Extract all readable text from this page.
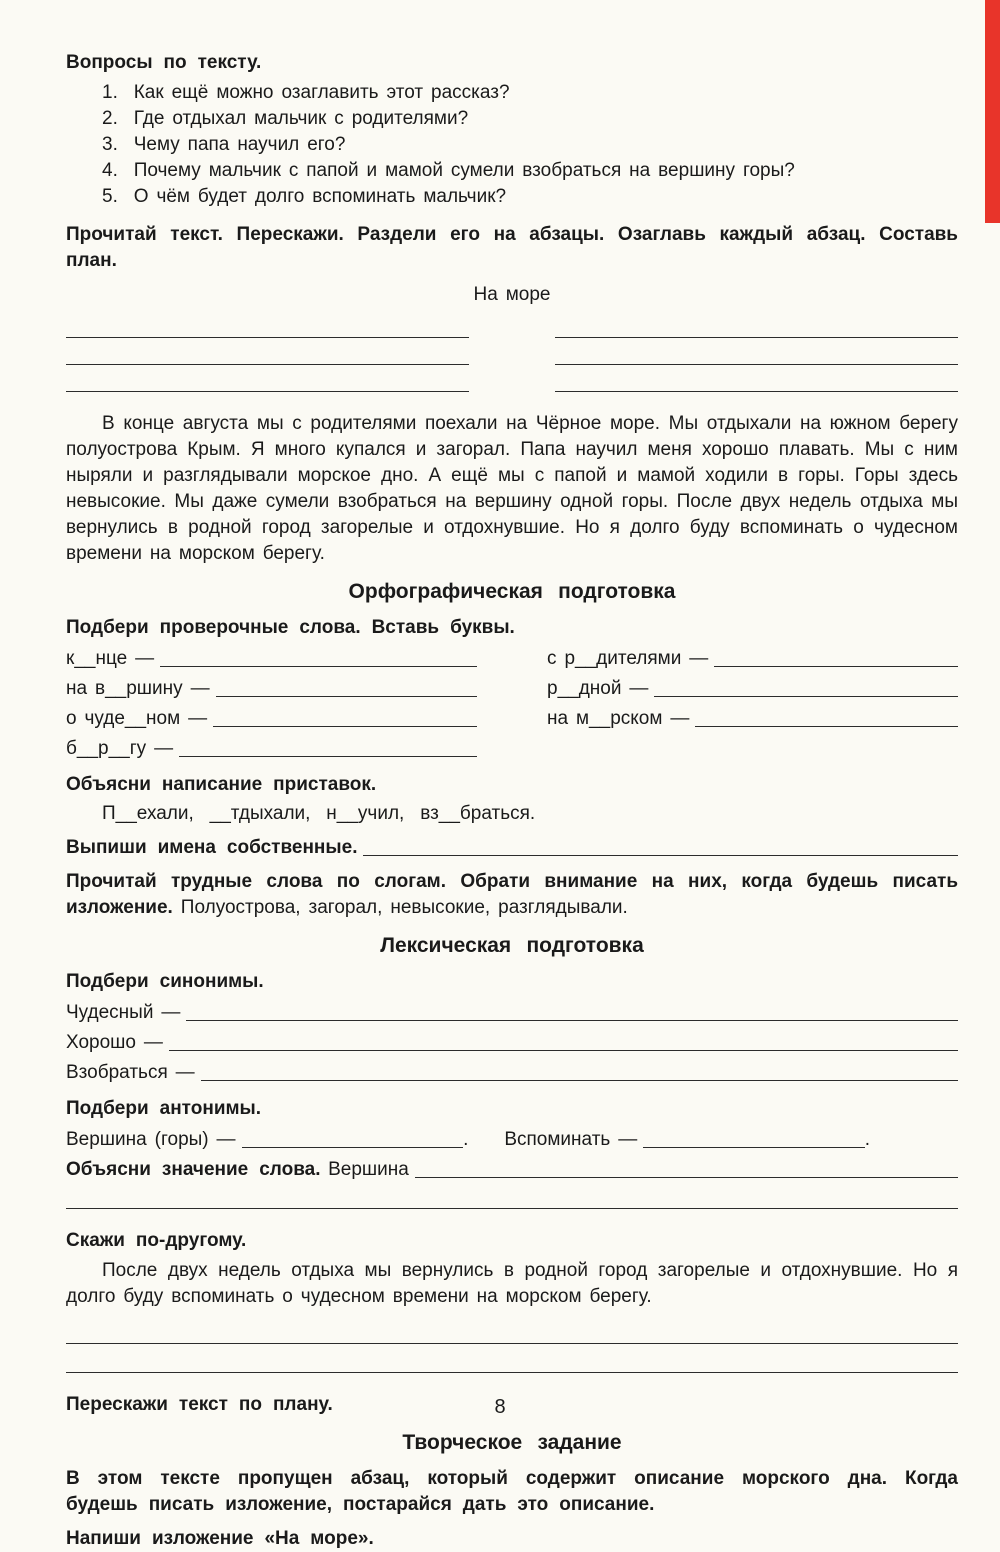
Вопросы по тексту.
1.  Как ещё можно озаглавить этот рассказ?
2.  Где отдыхал мальчик с родителями?
3.  Чему папа научил его?
4.  Почему мальчик с папой и мамой сумели взобраться на вершину горы?
5.  О чём будет долго вспоминать мальчик?

Прочитай текст. Перескажи. Раздели его на абзацы. Озаглавь каждый абзац. Составь план.

На море

В конце августа мы с родителями поехали на Чёрное море. Мы отдыхали на южном берегу полуострова Крым. Я много купался и загорал. Папа научил меня хорошо плавать. Мы с ним ныряли и разглядывали морское дно. А ещё мы с папой и мамой ходили в горы. Горы здесь невысокие. Мы даже сумели взобраться на вершину одной горы. После двух недель отдыха мы вернулись в родной город загорелые и отдохнувшие. Но я долго буду вспоминать о чудесном времени на морском берегу.

Орфографическая подготовка
Подбери проверочные слова. Вставь буквы.
к__нце —
на в__ршину —
о чуде__ном —
б__р__гу —
с р__дителями —
р__дной —
на м__рском —
Объясни написание приставок.
П__ехали,  __тдыхали,  н__учил,  вз__браться.
Выпиши имена собственные.

Прочитай трудные слова по слогам. Обрати внимание на них, когда будешь писать изложение. Полуострова, загорал, невысокие, разглядывали.

Лексическая подготовка
Подбери синонимы.
Чудесный —
Хорошо —
Взобраться —
Подбери антонимы.
Вершина (горы) —	. Вспоминать —	.
Объясни значение слова. Вершина
Скажи по-другому.

После двух недель отдыха мы вернулись в родной город загорелые и отдохнувшие. Но я долго буду вспоминать о чудесном времени на морском берегу.

Перескажи текст по плану.
Творческое задание

В этом тексте пропущен абзац, который содержит описание морского дна. Когда будешь писать изложение, постарайся дать это описание.

Напиши изложение «На море».
8
